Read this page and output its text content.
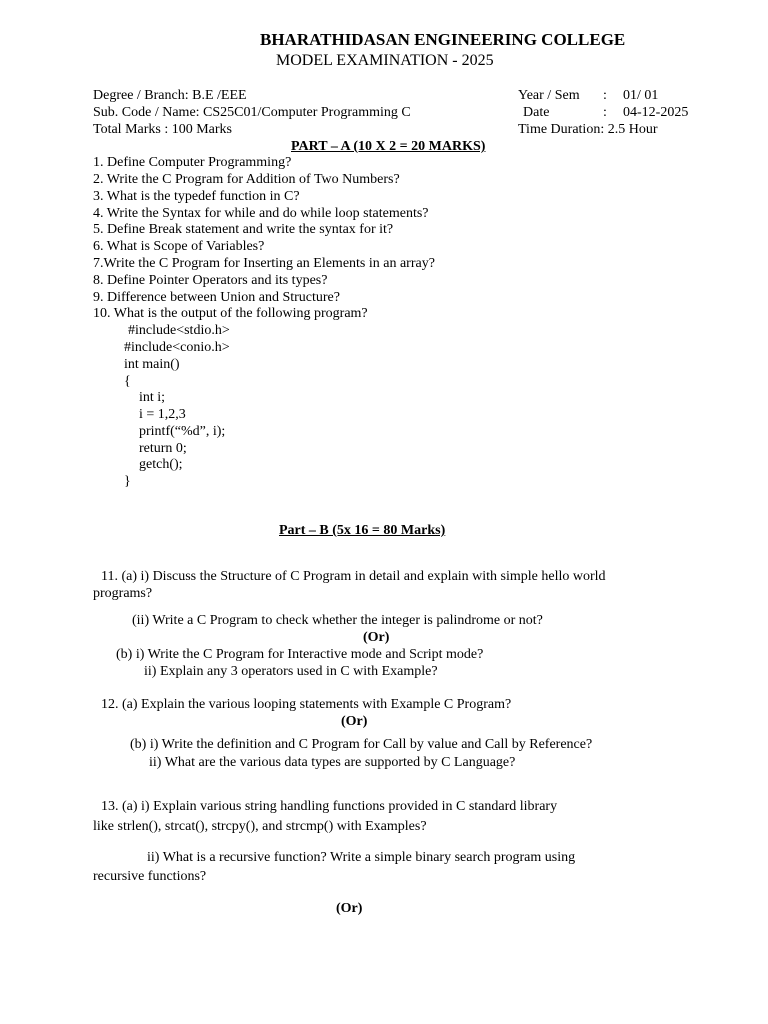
BHARATHIDASAN ENGINEERING COLLEGE
MODEL EXAMINATION - 2025
Degree / Branch: B.E /EEE
Sub. Code / Name: CS25C01/Computer Programming C
Total Marks : 100 Marks
Year / Sem : 01/ 01
Date	: 04-12-2025
Time Duration: 2.5 Hour
PART – A (10 X 2 = 20 MARKS)
1. Define Computer Programming?
2. Write the C Program for Addition of Two Numbers?
3. What is the typedef function in C?
4. Write the Syntax for while and do while loop statements?
5. Define Break statement and write the syntax for it?
6. What is Scope of Variables?
7.Write the C Program for Inserting an Elements in an array?
8. Define Pointer Operators and its types?
9. Difference between Union and Structure?
10. What is the output of the following program?
#include<stdio.h>
#include<conio.h>
int main()
{
int i;
i = 1,2,3
printf(“%d”, i);
return 0;
getch();
}
Part – B (5x 16 = 80 Marks)
11. (a) i) Discuss the Structure of C Program in detail and explain with simple hello world
programs?
(ii) Write a C Program to check whether the integer is palindrome or not?
(Or)
(b) i) Write the C Program for Interactive mode and Script mode?
ii) Explain any 3 operators used in C with Example?
12. (a) Explain the various looping statements with Example C Program?
(Or)
(b) i) Write the definition and C Program for Call by value and Call by Reference?
ii) What are the various data types are supported by C Language?
13. (a) i) Explain various string handling functions provided in C standard library
like strlen(), strcat(), strcpy(), and strcmp() with Examples?
ii) What is a recursive function? Write a simple binary search program using
recursive functions?
(Or)
